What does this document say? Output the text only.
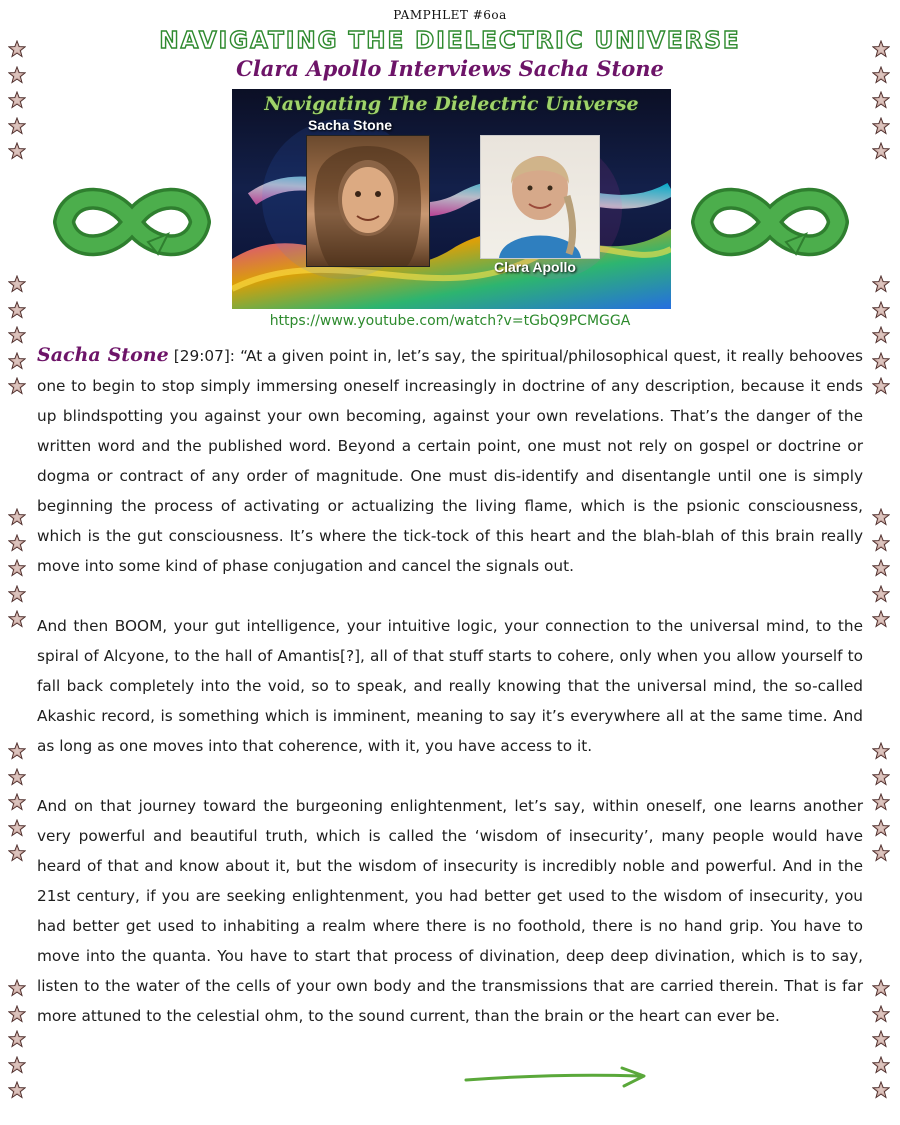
PAMPHLET #6oa
NAVIGATING THE DIELECTRIC UNIVERSE
Clara Apollo Interviews Sacha Stone
Navigating The Dielectric Universe
Sacha Stone
Clara Apollo
https://www.youtube.com/watch?v=tGbQ9PCMGGA

Sacha Stone [29:07]: “At a given point in, let’s say, the spiritual/philosophical quest, it really behooves one to begin to stop simply immersing oneself increasingly in doctrine of any description, because it ends up blindspotting you against your own becoming, against your own revelations. That’s the danger of the written word and the published word. Beyond a certain point, one must not rely on gospel or doctrine or dogma or contract of any order of magnitude. One must dis-identify and disentangle until one is simply beginning the process of activating or actualizing the living flame, which is the psionic consciousness, which is the gut consciousness. It’s where the tick-tock of this heart and the blah-blah of this brain really move into some kind of phase conjugation and cancel the signals out.

And then BOOM, your gut intelligence, your intuitive logic, your connection to the universal mind, to the spiral of Alcyone, to the hall of Amantis[?], all of that stuff starts to cohere, only when you allow yourself to fall back completely into the void, so to speak, and really knowing that the universal mind, the so-called Akashic record, is something which is imminent, meaning to say it’s everywhere all at the same time. And as long as one moves into that coherence, with it, you have access to it.

And on that journey toward the burgeoning enlightenment, let’s say, within oneself, one learns another very powerful and beautiful truth, which is called the ‘wisdom of insecurity’, many people would have heard of that and know about it, but the wisdom of insecurity is incredibly noble and powerful. And in the 21st century, if you are seeking enlightenment, you had better get used to the wisdom of insecurity, you had better get used to inhabiting a realm where there is no foothold, there is no hand grip. You have to move into the quanta. You have to start that process of divination, deep deep divination, which is to say, listen to the water of the cells of your own body and the transmissions that are carried therein. That is far more attuned to the celestial ohm, to the sound current, than the brain or the heart can ever be.
